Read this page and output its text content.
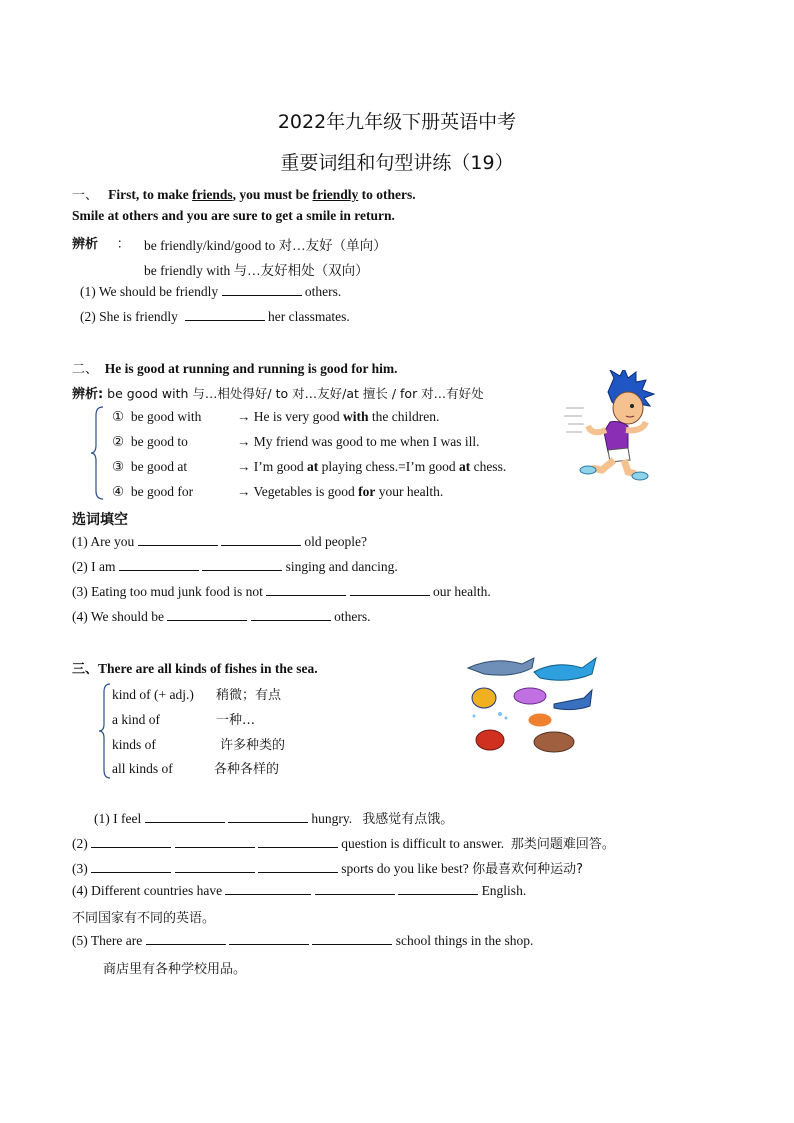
2022年九年级下册英语中考
重要词组和句型讲练（19）
一、 First, to make friends, you must be friendly to others.
Smile at others and you are sure to get a smile in return.
辨析 ： be friendly/kind/good to 对…友好（单向）
be friendly with 与…友好相处（双向）
(1) We should be friendly	others.
(2) She is friendly	her classmates.
二、 He is good at running and running is good for him.
辨析: be good with 与…相处得好/ to 对…友好/at 擅长 / for 对…有好处
① be good with	→ He is very good with the children.
② be good to	→ My friend was good to me when I was ill.
③ be good at	→ I’m good at playing chess.=I’m good at chess.
④ be good for	→ Vegetables is good for your health.
选词填空
(1) Are you	old people?
(2) I am	singing and dancing.
(3) Eating too mud junk food is not	our health.
(4) We should be	others.
三、There are all kinds of fishes in the sea.
kind of (+ adj.) 稍微；有点
a kind of	一种…
kinds of	许多种类的
all kinds of	各种各样的
(1) I feel	hungry. 我感觉有点饿。
(2)	question is difficult to answer. 那类问题难回答。
(3)	sports do you like best? 你最喜欢何种运动?
(4) Different countries have	English.
不同国家有不同的英语。
(5) There are	school things in the shop.
商店里有各种学校用品。
